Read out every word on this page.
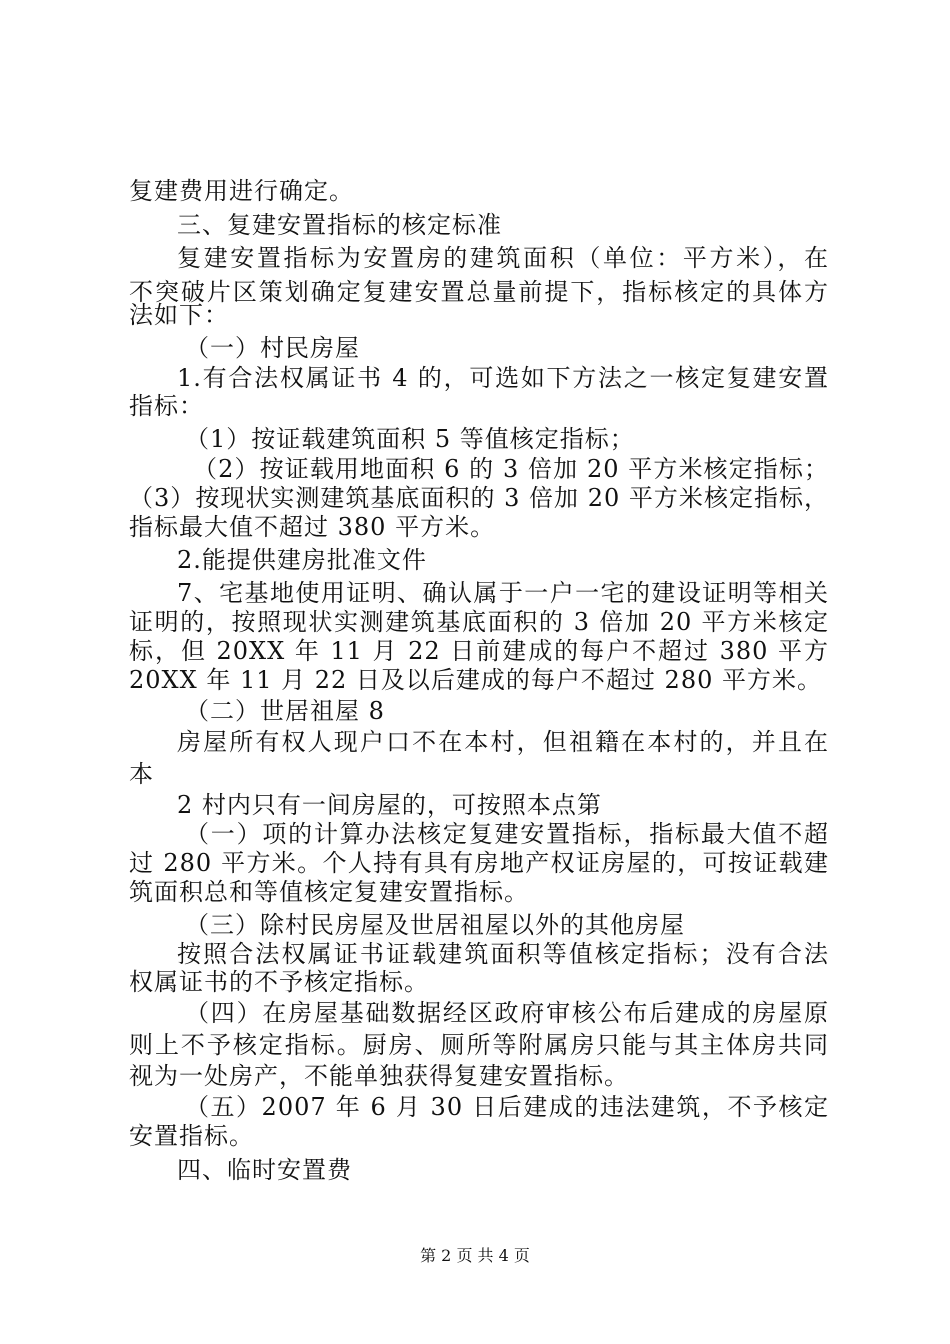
复建费用进行确定。
三、复建安置指标的核定标准
复建安置指标为安置房的建筑面积（单位：平方米），在
不突破片区策划确定复建安置总量前提下，指标核定的具体方
法如下：
（一）村民房屋
1.有合法权属证书 4 的，可选如下方法之一核定复建安置
指标：
（1）按证载建筑面积 5 等值核定指标；
（2）按证载用地面积 6 的 3 倍加 20 平方米核定指标；
（3）按现状实测建筑基底面积的 3 倍加 20 平方米核定指标，
指标最大值不超过 380 平方米。
2.能提供建房批准文件
7、宅基地使用证明、确认属于一户一宅的建设证明等相关
证明的，按照现状实测建筑基底面积的 3 倍加 20 平方米核定
标，但 20XX 年 11 月 22 日前建成的每户不超过 380 平方
20XX 年 11 月 22 日及以后建成的每户不超过 280 平方米。
（二）世居祖屋 8
房屋所有权人现户口不在本村，但祖籍在本村的，并且在
本
2 村内只有一间房屋的，可按照本点第
（一）项的计算办法核定复建安置指标，指标最大值不超
过 280 平方米。个人持有具有房地产权证房屋的，可按证载建
筑面积总和等值核定复建安置指标。
（三）除村民房屋及世居祖屋以外的其他房屋
按照合法权属证书证载建筑面积等值核定指标；没有合法
权属证书的不予核定指标。
（四）在房屋基础数据经区政府审核公布后建成的房屋原
则上不予核定指标。厨房、厕所等附属房只能与其主体房共同
视为一处房产，不能单独获得复建安置指标。
（五）2007 年 6 月 30 日后建成的违法建筑，不予核定
安置指标。
四、临时安置费
第 2 页 共 4 页
